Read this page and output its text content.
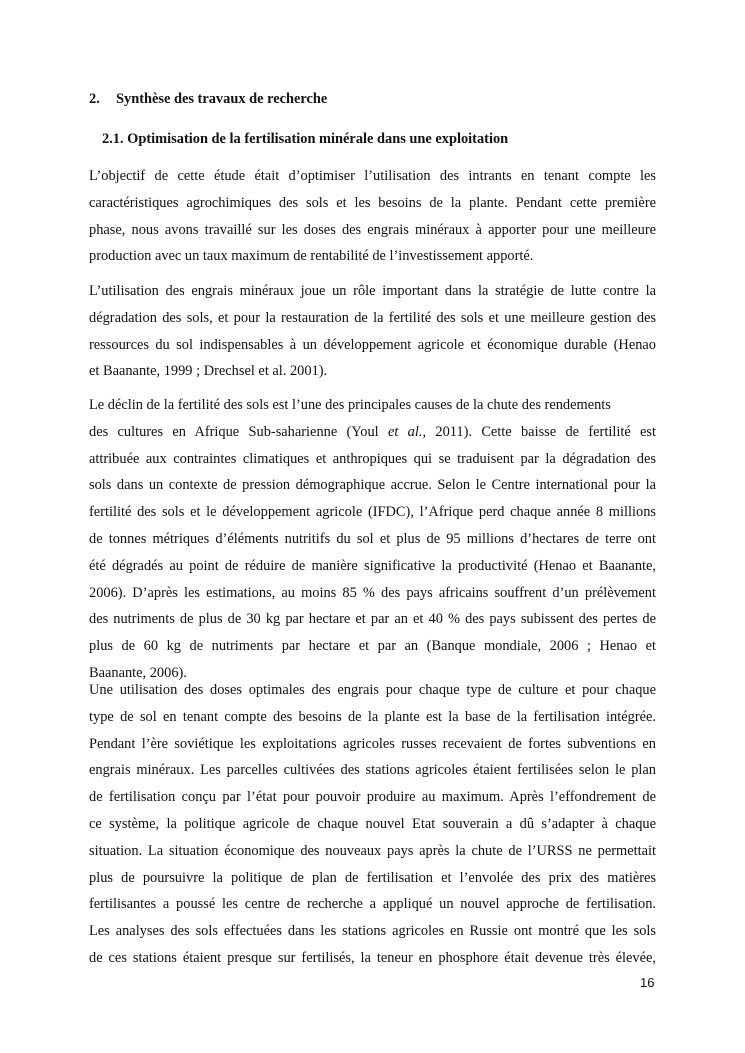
2. Synthèse des travaux de recherche
2.1. Optimisation de la fertilisation minérale dans une exploitation
L’objectif de cette étude était d’optimiser l’utilisation des intrants en tenant compte les
caractéristiques agrochimiques des sols et les besoins de la plante. Pendant cette première
phase, nous avons travaillé sur les doses des engrais minéraux à apporter pour une meilleure
production avec un taux maximum de rentabilité de l’investissement apporté.
L’utilisation des engrais minéraux joue un rôle important dans la stratégie de lutte contre la
dégradation des sols, et pour la restauration de la fertilité des sols et une meilleure gestion des
ressources du sol indispensables à un développement agricole et économique durable (Henao
et Baanante, 1999 ; Drechsel et al. 2001).
Le déclin de la fertilité des sols est l’une des principales causes de la chute des rendements
des cultures en Afrique Sub-saharienne (Youl et al., 2011). Cette baisse de fertilité est
attribuée aux contraintes climatiques et anthropiques qui se traduisent par la dégradation des
sols dans un contexte de pression démographique accrue. Selon le Centre international pour la
fertilité des sols et le développement agricole (IFDC), l’Afrique perd chaque année 8 millions
de tonnes métriques d’éléments nutritifs du sol et plus de 95 millions d’hectares de terre ont
été dégradés au point de réduire de manière significative la productivité (Henao et Baanante,
2006). D’après les estimations, au moins 85 % des pays africains souffrent d’un prélèvement
des nutriments de plus de 30 kg par hectare et par an et 40 % des pays subissent des pertes de
plus de 60 kg de nutriments par hectare et par an (Banque mondiale, 2006 ; Henao et
Baanante, 2006).
Une utilisation des doses optimales des engrais pour chaque type de culture et pour chaque
type de sol en tenant compte des besoins de la plante est la base de la fertilisation intégrée.
Pendant l’ère soviétique les exploitations agricoles russes recevaient de fortes subventions en
engrais minéraux. Les parcelles cultivées des stations agricoles étaient fertilisées selon le plan
de fertilisation conçu par l’état pour pouvoir produire au maximum. Après l’effondrement de
ce système, la politique agricole de chaque nouvel Etat souverain a dû s’adapter à chaque
situation. La situation économique des nouveaux pays après la chute de l’URSS ne permettait
plus de poursuivre la politique de plan de fertilisation et l’envolée des prix des matières
fertilisantes a poussé les centre de recherche a appliqué un nouvel approche de fertilisation.
Les analyses des sols effectuées dans les stations agricoles en Russie ont montré que les sols
de ces stations étaient presque sur fertilisés, la teneur en phosphore était devenue très élevée,
16
